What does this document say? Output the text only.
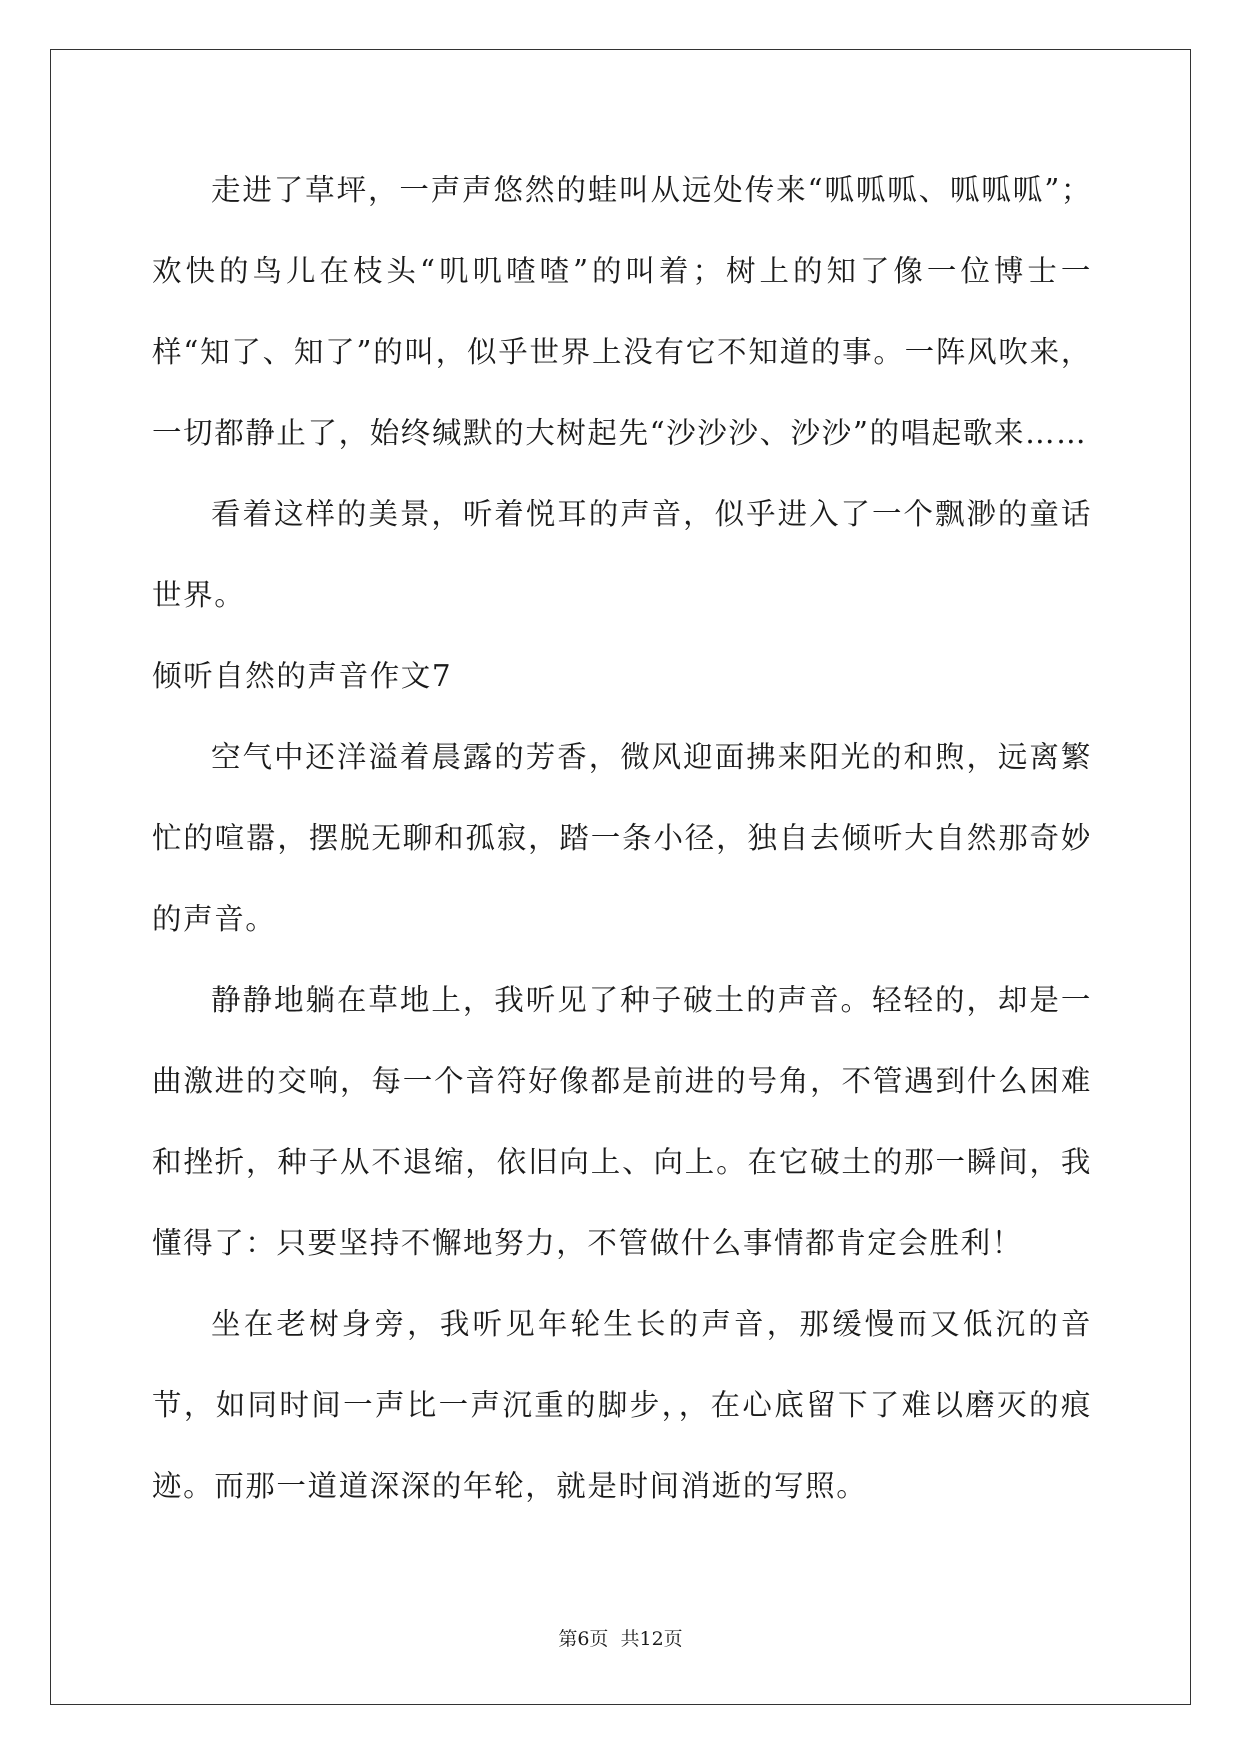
走进了草坪，一声声悠然的蛙叫从远处传来“呱呱呱、呱呱呱”；欢快的鸟儿在枝头“叽叽喳喳”的叫着；树上的知了像一位博士一样“知了、知了”的叫，似乎世界上没有它不知道的事。一阵风吹来，一切都静止了，始终缄默的大树起先“沙沙沙、沙沙”的唱起歌来……

看着这样的美景，听着悦耳的声音，似乎进入了一个飘渺的童话世界。

倾听自然的声音作文7

空气中还洋溢着晨露的芳香，微风迎面拂来阳光的和煦，远离繁忙的喧嚣，摆脱无聊和孤寂，踏一条小径，独自去倾听大自然那奇妙的声音。

静静地躺在草地上，我听见了种子破土的声音。轻轻的，却是一曲激进的交响，每一个音符好像都是前进的号角，不管遇到什么困难和挫折，种子从不退缩，依旧向上、向上。在它破土的那一瞬间，我懂得了：只要坚持不懈地努力，不管做什么事情都肯定会胜利！

坐在老树身旁，我听见年轮生长的声音，那缓慢而又低沉的音节，如同时间一声比一声沉重的脚步，，在心底留下了难以磨灭的痕迹。而那一道道深深的年轮，就是时间消逝的写照。

第6页 共12页
